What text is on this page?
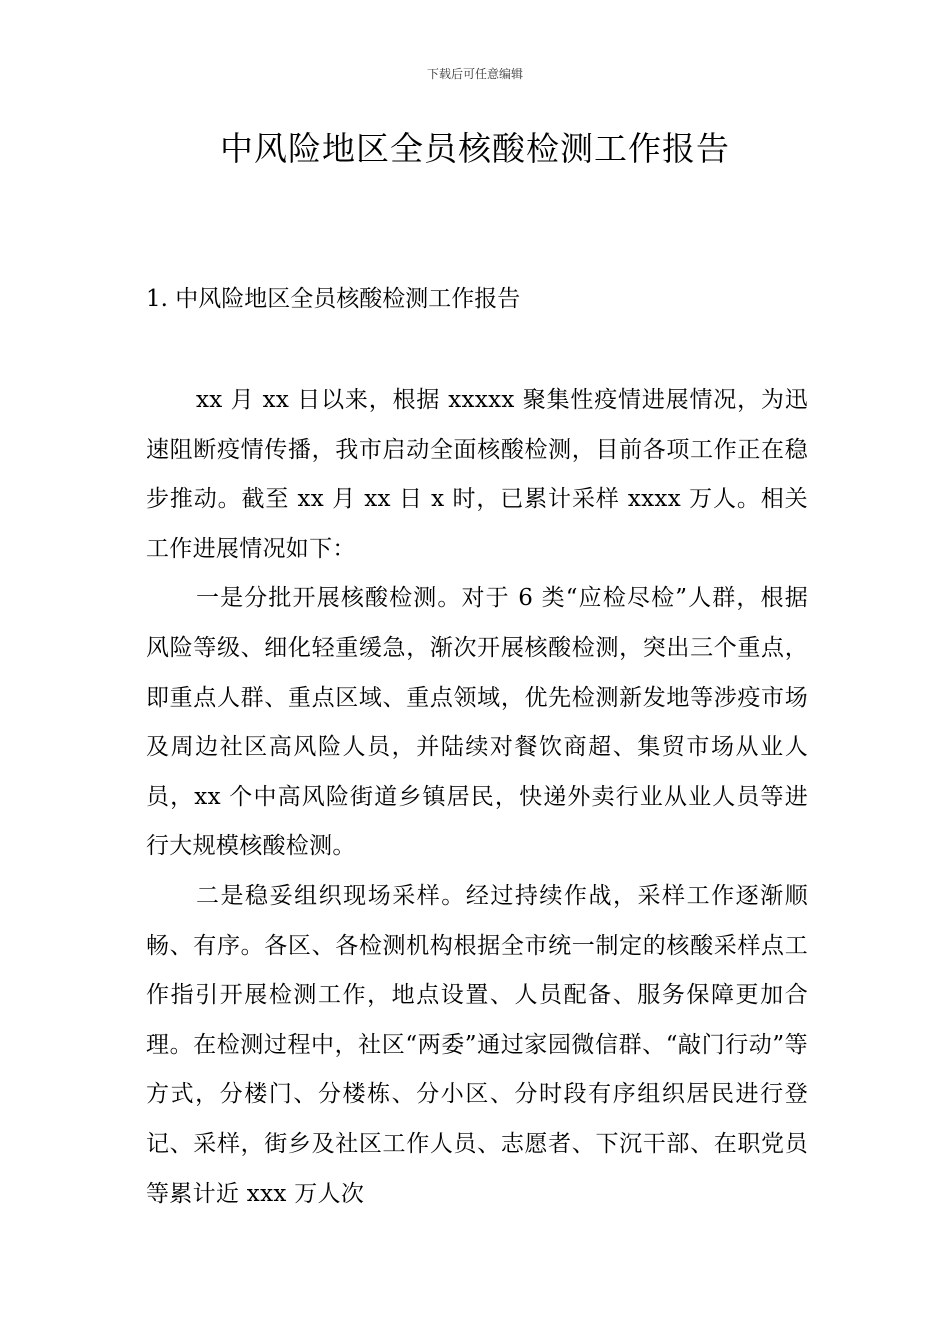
下载后可任意编辑
中风险地区全员核酸检测工作报告
1. 中风险地区全员核酸检测工作报告

xx 月 xx 日以来，根据 xxxxx 聚集性疫情进展情况，为迅速阻断疫情传播，我市启动全面核酸检测，目前各项工作正在稳步推动。截至 xx 月 xx 日 x 时，已累计采样 xxxx 万人。相关工作进展情况如下：

一是分批开展核酸检测。对于 6 类“应检尽检”人群，根据风险等级、细化轻重缓急，渐次开展核酸检测，突出三个重点，即重点人群、重点区域、重点领域，优先检测新发地等涉疫市场及周边社区高风险人员，并陆续对餐饮商超、集贸市场从业人员，xx 个中高风险街道乡镇居民，快递外卖行业从业人员等进行大规模核酸检测。

二是稳妥组织现场采样。经过持续作战，采样工作逐渐顺畅、有序。各区、各检测机构根据全市统一制定的核酸采样点工作指引开展检测工作，地点设置、人员配备、服务保障更加合理。在检测过程中，社区“两委”通过家园微信群、“敲门行动”等方式，分楼门、分楼栋、分小区、分时段有序组织居民进行登记、采样，街乡及社区工作人员、志愿者、下沉干部、在职党员等累计近 xxx 万人次
